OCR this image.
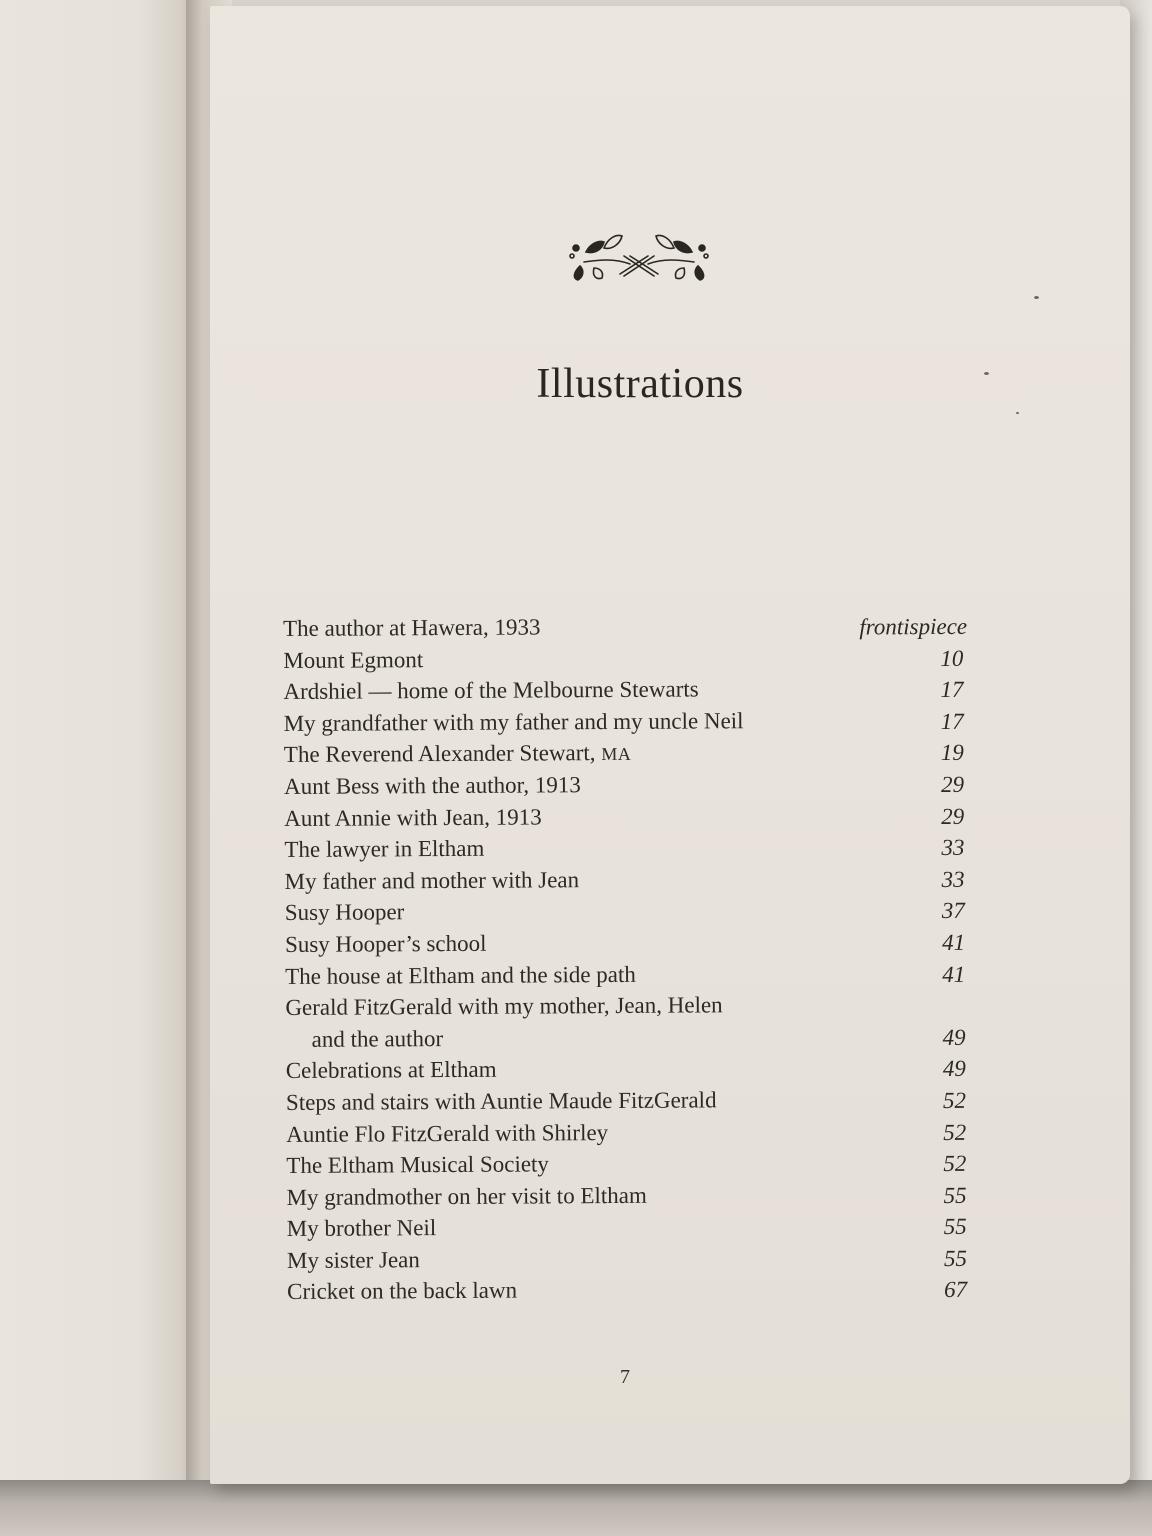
Illustrations
The author at Hawera, 1933	frontispiece
Mount Egmont	10
Ardshiel — home of the Melbourne Stewarts	17
My grandfather with my father and my uncle Neil	17
The Reverend Alexander Stewart, MA	19
Aunt Bess with the author, 1913	29
Aunt Annie with Jean, 1913	29
The lawyer in Eltham	33
My father and mother with Jean	33
Susy Hooper	37
Susy Hooper’s school	41
The house at Eltham and the side path	41
Gerald FitzGerald with my mother, Jean, Helen
and the author	49
Celebrations at Eltham	49
Steps and stairs with Auntie Maude FitzGerald	52
Auntie Flo FitzGerald with Shirley	52
The Eltham Musical Society	52
My grandmother on her visit to Eltham	55
My brother Neil	55
My sister Jean	55
Cricket on the back lawn	67
7
